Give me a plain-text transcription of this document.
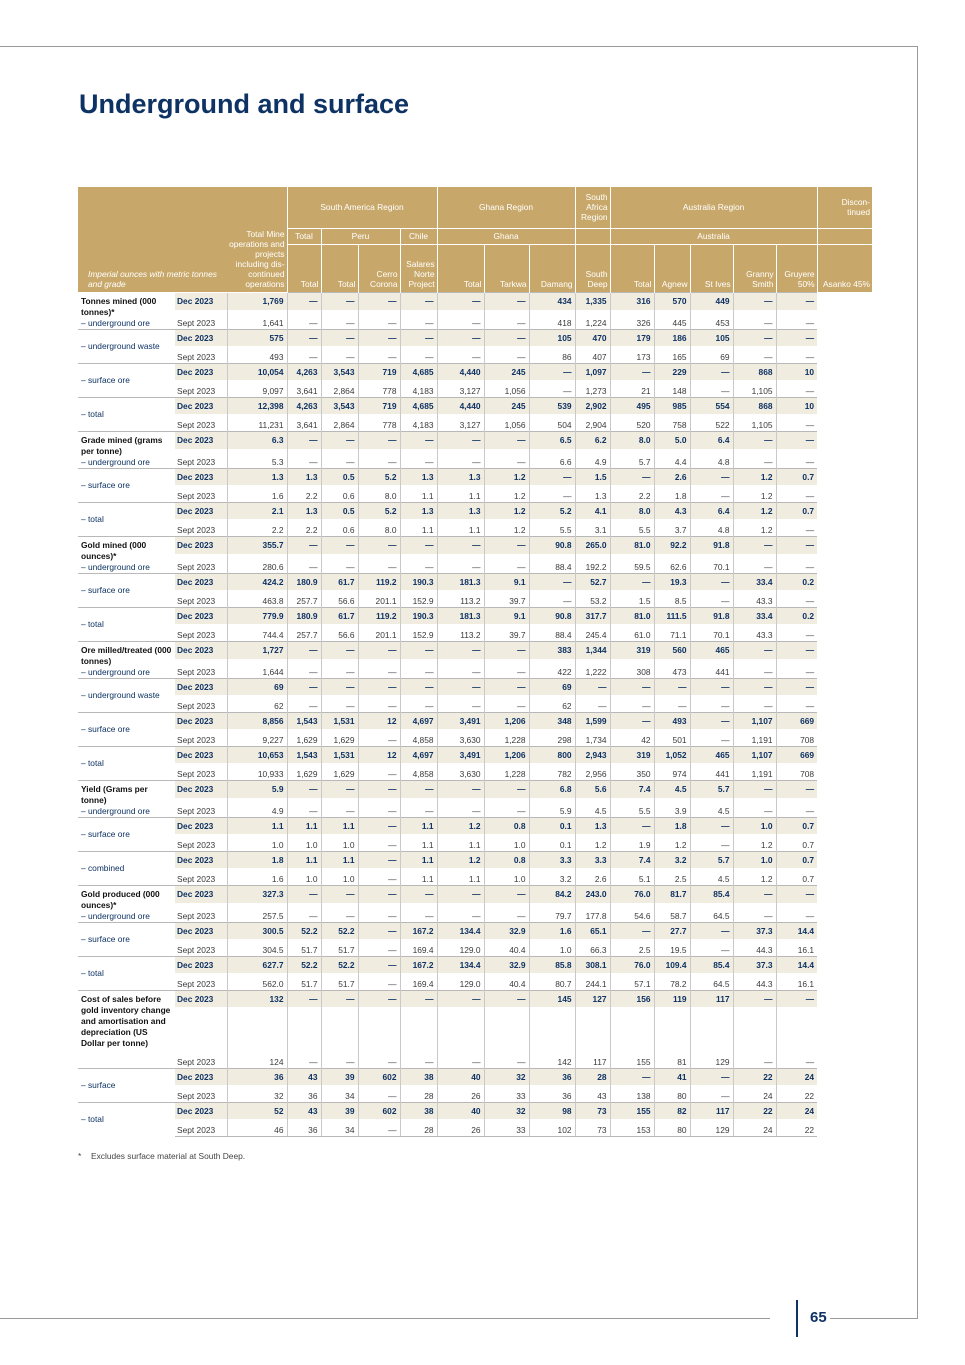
Underground and surface
Imperial ounces with metric tonnes and grade		Total Mine operations and projects including dis-continued operations	South America Region				Ghana Region			South Africa Region	Australia Region					Discon-tinued
			Total	Peru		Chile	Ghana				Australia					
			Total	Total	Cerro Corona	Salares Norte Project	Total	Tarkwa	Damang	South Deep	Total	Agnew	St Ives	Granny Smith	Gruyere 50%	Asanko 45%
Tonnes mined (000 tonnes)*
– underground ore	Dec 2023	1,769	—	—	—	—	—	—	434	1,335	316	570	449	—	—	
	Sept 2023	1,641	—	—	—	—	—	—	418	1,224	326	445	453	—	—	
– underground waste	Dec 2023	575	—	—	—	—	—	—	105	470	179	186	105	—	—	
	Sept 2023	493	—	—	—	—	—	—	86	407	173	165	69	—	—	
– surface ore	Dec 2023	10,054	4,263	3,543	719	4,685	4,440	245	—	1,097	—	229	—	868	10	
	Sept 2023	9,097	3,641	2,864	778	4,183	3,127	1,056	—	1,273	21	148	—	1,105	—	
– total	Dec 2023	12,398	4,263	3,543	719	4,685	4,440	245	539	2,902	495	985	554	868	10	
	Sept 2023	11,231	3,641	2,864	778	4,183	3,127	1,056	504	2,904	520	758	522	1,105	—	
Grade mined (grams per tonne)
– underground ore	Dec 2023	6.3	—	—	—	—	—	—	6.5	6.2	8.0	5.0	6.4	—	—	
	Sept 2023	5.3	—	—	—	—	—	—	6.6	4.9	5.7	4.4	4.8	—	—	
– surface ore	Dec 2023	1.3	1.3	0.5	5.2	1.3	1.3	1.2	—	1.5	—	2.6	—	1.2	0.7	
	Sept 2023	1.6	2.2	0.6	8.0	1.1	1.1	1.2	—	1.3	2.2	1.8	—	1.2	—	
– total	Dec 2023	2.1	1.3	0.5	5.2	1.3	1.3	1.2	5.2	4.1	8.0	4.3	6.4	1.2	0.7	
	Sept 2023	2.2	2.2	0.6	8.0	1.1	1.1	1.2	5.5	3.1	5.5	3.7	4.8	1.2	—	
Gold mined (000 ounces)*
– underground ore	Dec 2023	355.7	—	—	—	—	—	—	90.8	265.0	81.0	92.2	91.8	—	—	
	Sept 2023	280.6	—	—	—	—	—	—	88.4	192.2	59.5	62.6	70.1	—	—	
– surface ore	Dec 2023	424.2	180.9	61.7	119.2	190.3	181.3	9.1	—	52.7	—	19.3	—	33.4	0.2	
	Sept 2023	463.8	257.7	56.6	201.1	152.9	113.2	39.7	—	53.2	1.5	8.5	—	43.3	—	
– total	Dec 2023	779.9	180.9	61.7	119.2	190.3	181.3	9.1	90.8	317.7	81.0	111.5	91.8	33.4	0.2	
	Sept 2023	744.4	257.7	56.6	201.1	152.9	113.2	39.7	88.4	245.4	61.0	71.1	70.1	43.3	—	
Ore milled/treated (000 tonnes)
– underground ore	Dec 2023	1,727	—	—	—	—	—	—	383	1,344	319	560	465	—	—	
	Sept 2023	1,644	—	—	—	—	—	—	422	1,222	308	473	441	—	—	
– underground waste	Dec 2023	69	—	—	—	—	—	—	69	—	—	—	—	—	—	
	Sept 2023	62	—	—	—	—	—	—	62	—	—	—	—	—	—	
– surface ore	Dec 2023	8,856	1,543	1,531	12	4,697	3,491	1,206	348	1,599	—	493	—	1,107	669	
	Sept 2023	9,227	1,629	1,629	—	4,858	3,630	1,228	298	1,734	42	501	—	1,191	708	
– total	Dec 2023	10,653	1,543	1,531	12	4,697	3,491	1,206	800	2,943	319	1,052	465	1,107	669	
	Sept 2023	10,933	1,629	1,629	—	4,858	3,630	1,228	782	2,956	350	974	441	1,191	708	
Yield (Grams per tonne)
– underground ore	Dec 2023	5.9	—	—	—	—	—	—	6.8	5.6	7.4	4.5	5.7	—	—	
	Sept 2023	4.9	—	—	—	—	—	—	5.9	4.5	5.5	3.9	4.5	—	—	
– surface ore	Dec 2023	1.1	1.1	1.1	—	1.1	1.2	0.8	0.1	1.3	—	1.8	—	1.0	0.7	
	Sept 2023	1.0	1.0	1.0	—	1.1	1.1	1.0	0.1	1.2	1.9	1.2	—	1.2	0.7	
– combined	Dec 2023	1.8	1.1	1.1	—	1.1	1.2	0.8	3.3	3.3	7.4	3.2	5.7	1.0	0.7	
	Sept 2023	1.6	1.0	1.0	—	1.1	1.1	1.0	3.2	2.6	5.1	2.5	4.5	1.2	0.7	
Gold produced (000 ounces)*
– underground ore	Dec 2023	327.3	—	—	—	—	—	—	84.2	243.0	76.0	81.7	85.4	—	—	
	Sept 2023	257.5	—	—	—	—	—	—	79.7	177.8	54.6	58.7	64.5	—	—	
– surface ore	Dec 2023	300.5	52.2	52.2	—	167.2	134.4	32.9	1.6	65.1	—	27.7	—	37.3	14.4	
	Sept 2023	304.5	51.7	51.7	—	169.4	129.0	40.4	1.0	66.3	2.5	19.5	—	44.3	16.1	
– total	Dec 2023	627.7	52.2	52.2	—	167.2	134.4	32.9	85.8	308.1	76.0	109.4	85.4	37.3	14.4	
	Sept 2023	562.0	51.7	51.7	—	169.4	129.0	40.4	80.7	244.1	57.1	78.2	64.5	44.3	16.1	
Cost of sales before gold inventory change and amortisation and depreciation (US Dollar per tonne)	Dec 2023	132	—	—	—	—	—	—	145	127	156	119	117	—	—	
	Sept 2023	124	—	—	—	—	—	—	142	117	155	81	129	—	—	
– surface	Dec 2023	36	43	39	602	38	40	32	36	28	—	41	—	22	24	
	Sept 2023	32	36	34	—	28	26	33	36	43	138	80	—	24	22	
– total	Dec 2023	52	43	39	602	38	40	32	98	73	155	82	117	22	24	
	Sept 2023	46	36	34	—	28	26	33	102	73	153	80	129	24	22	
* Excludes surface material at South Deep.
65
